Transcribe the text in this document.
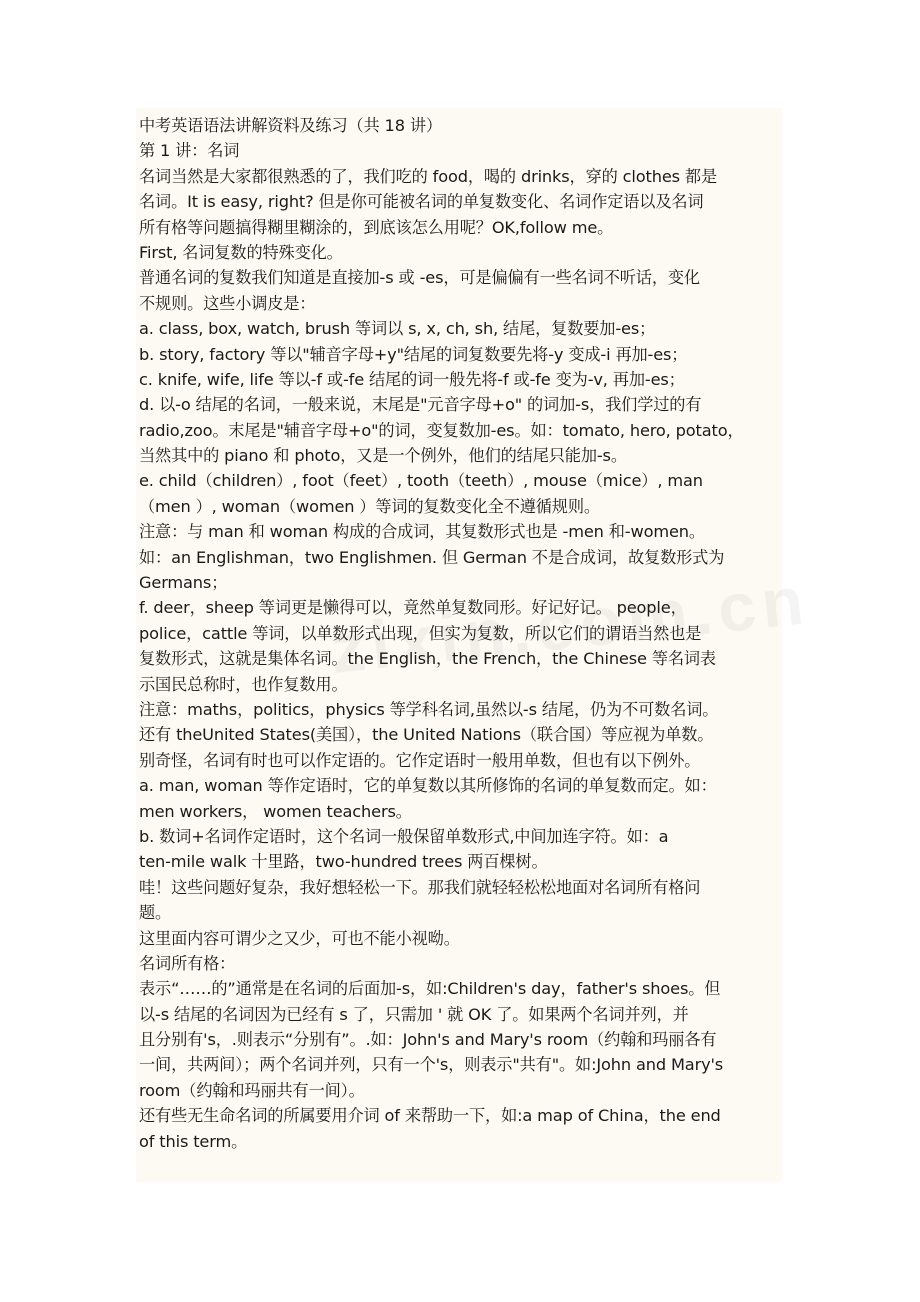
中考英语语法讲解资料及练习（共 18 讲）
第 1 讲：名词
名词当然是大家都很熟悉的了，我们吃的 food，喝的 drinks，穿的 clothes 都是
名词。It is easy, right? 但是你可能被名词的单复数变化、名词作定语以及名词
所有格等问题搞得糊里糊涂的，到底该怎么用呢？OK,follow me。
First, 名词复数的特殊变化。
普通名词的复数我们知道是直接加-s 或 -es，可是偏偏有一些名词不听话，变化
不规则。这些小调皮是：
a. class, box, watch, brush 等词以 s, x, ch, sh, 结尾，复数要加-es；
b. story, factory 等以"辅音字母+y"结尾的词复数要先将-y 变成-i 再加-es；
c. knife, wife, life 等以-f 或-fe 结尾的词一般先将-f 或-fe 变为-v, 再加-es；
d. 以-o 结尾的名词，一般来说，末尾是"元音字母+o" 的词加-s，我们学过的有
radio,zoo。末尾是"辅音字母+o"的词，变复数加-es。如：tomato, hero, potato，
当然其中的 piano 和 photo，又是一个例外，他们的结尾只能加-s。
e. child（children）, foot（feet）, tooth（teeth）, mouse（mice）, man
（men ）, woman（women ）等词的复数变化全不遵循规则。
注意：与 man 和 woman 构成的合成词，其复数形式也是 -men 和-women。
如：an Englishman，two Englishmen. 但 German 不是合成词，故复数形式为
Germans；
f. deer，sheep 等词更是懒得可以，竟然单复数同形。好记好记。 people，
police，cattle 等词，以单数形式出现，但实为复数，所以它们的谓语当然也是
复数形式，这就是集体名词。the English，the French，the Chinese 等名词表
示国民总称时，也作复数用。
注意：maths，politics，physics 等学科名词,虽然以-s 结尾，仍为不可数名词。
还有 theUnited States(美国），the United Nations（联合国）等应视为单数。
别奇怪，名词有时也可以作定语的。它作定语时一般用单数，但也有以下例外。
a. man, woman 等作定语时，它的单复数以其所修饰的名词的单复数而定。如：
men workers， women teachers。
b. 数词+名词作定语时，这个名词一般保留单数形式,中间加连字符。如：a
ten-mile walk 十里路，two-hundred trees 两百棵树。
哇！这些问题好复杂，我好想轻松一下。那我们就轻轻松松地面对名词所有格问
题。
这里面内容可谓少之又少，可也不能小视呦。
名词所有格：
表示“……的”通常是在名词的后面加-s，如:Children's day，father's shoes。但
以-s 结尾的名词因为已经有 s 了，只需加 ' 就 OK 了。如果两个名词并列，并
且分别有's，.则表示“分别有”。.如：John's and Mary's room（约翰和玛丽各有
一间，共两间）；两个名词并列，只有一个's，则表示"共有"。如:John and Mary's
room（约翰和玛丽共有一间）。
还有些无生命名词的所属要用介词 of 来帮助一下，如:a map of China，the end
of this term。
